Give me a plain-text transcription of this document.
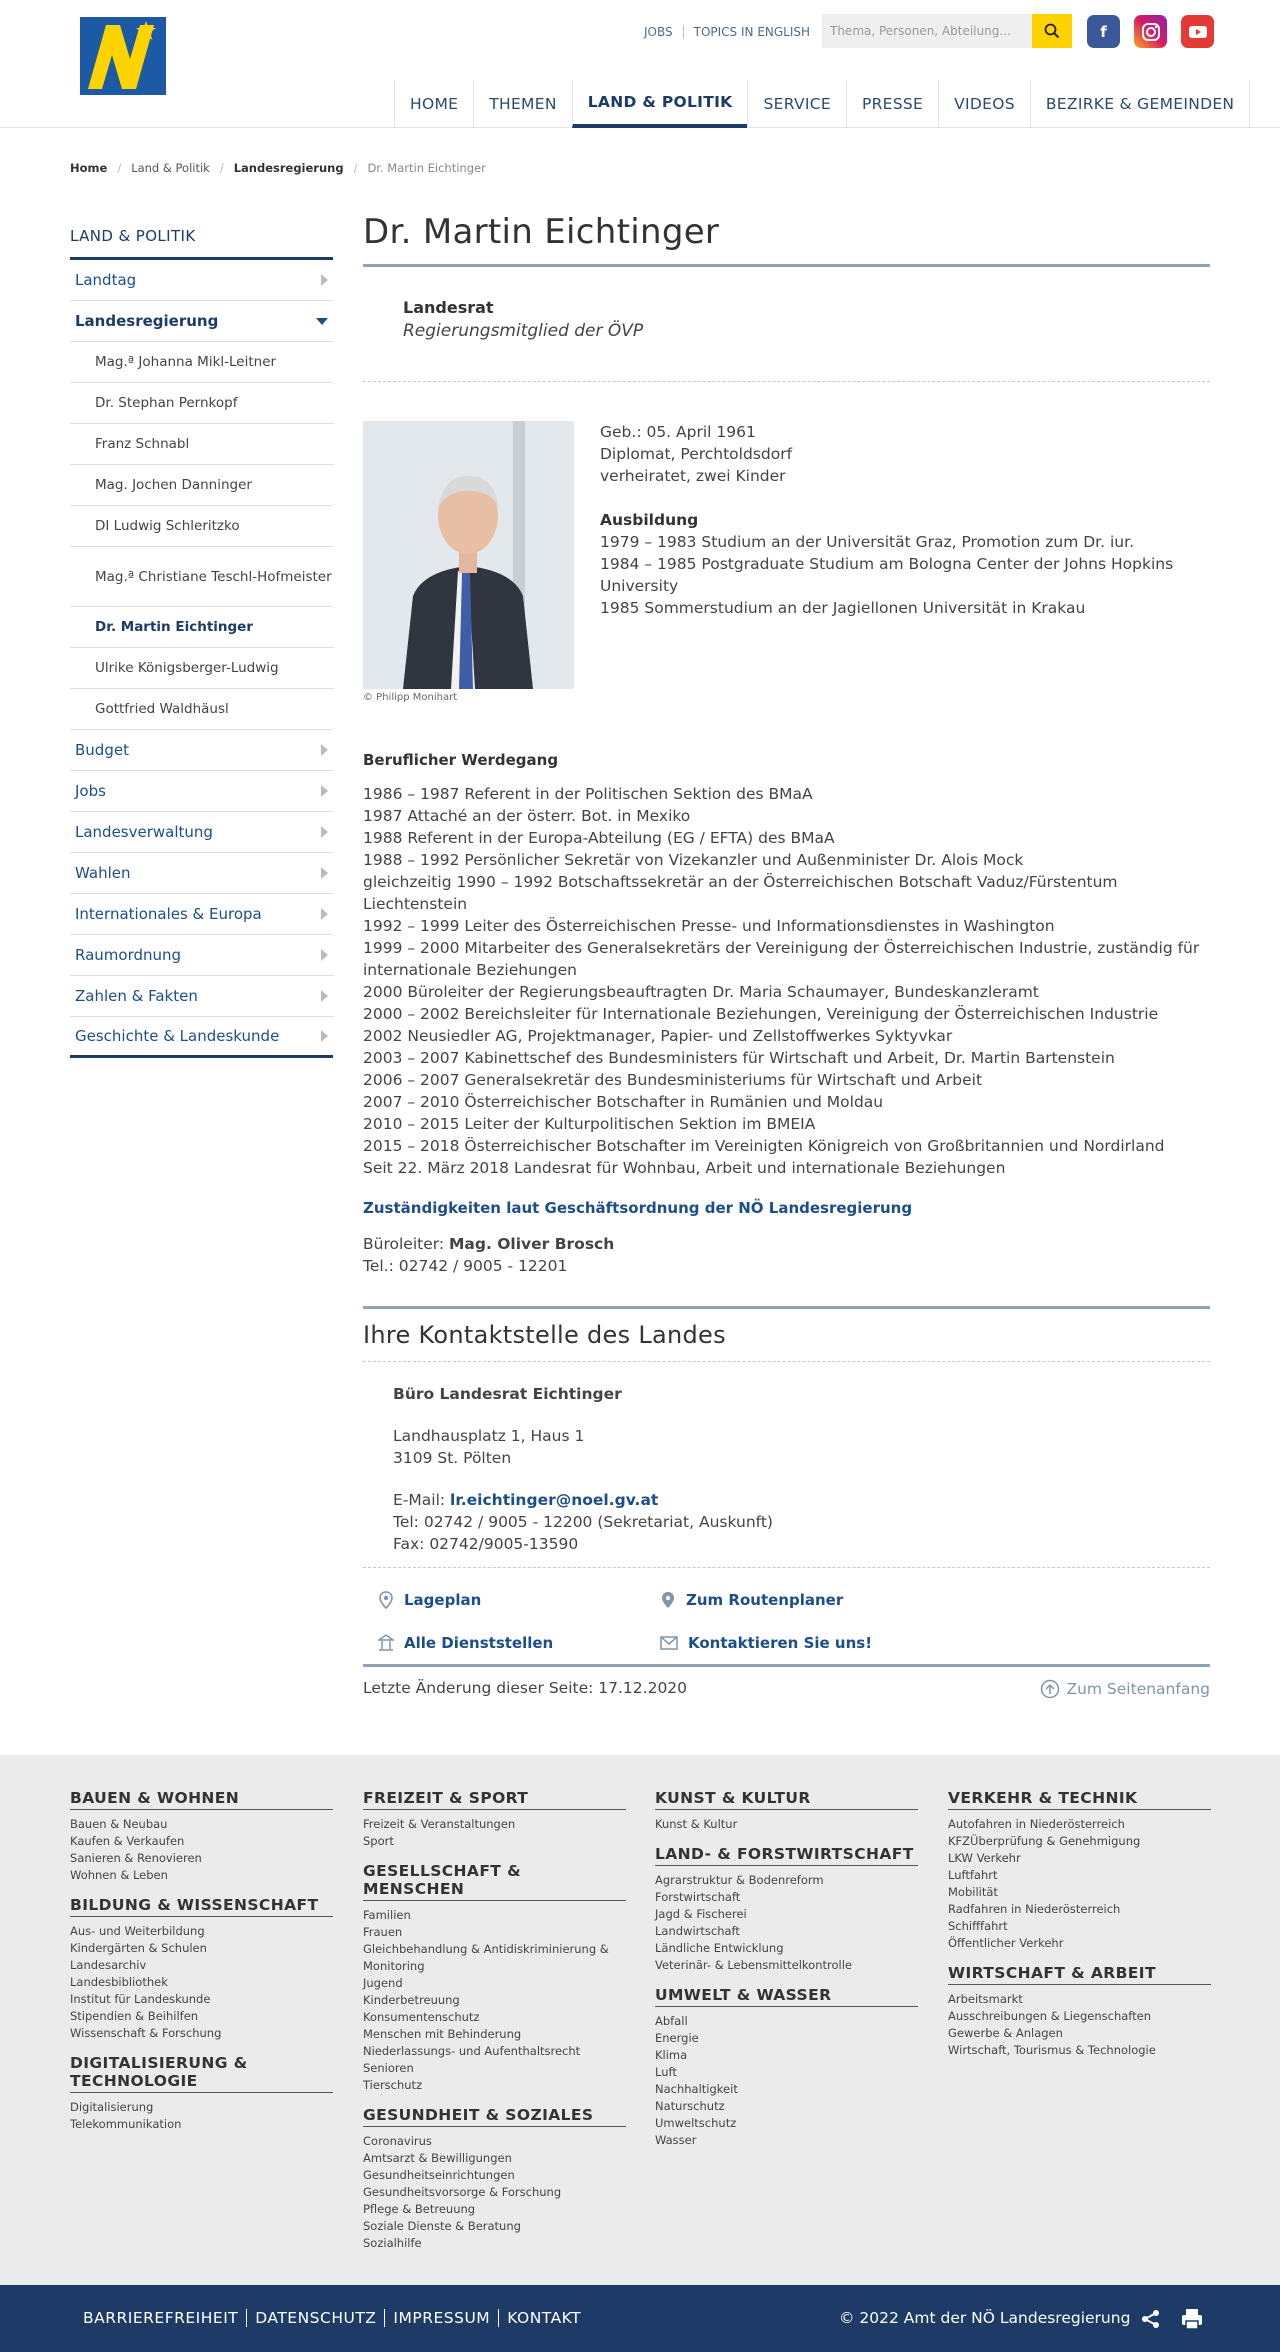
JOBS	TOPICS IN ENGLISH
Thema, Personen, Abteilung...	f
HOME	THEMEN	LAND & POLITIK	SERVICE	PRESSE	VIDEOS	BEZIRKE & GEMEINDEN
Home / Land & Politik / Landesregierung / Dr. Martin Eichtinger
LAND & POLITIK
Landtag
Landesregierung
Mag.ª Johanna Mikl-Leitner
Dr. Stephan Pernkopf
Franz Schnabl
Mag. Jochen Danninger
DI Ludwig Schleritzko
Mag.ª Christiane Teschl-Hofmeister
Dr. Martin Eichtinger
Ulrike Königsberger-Ludwig
Gottfried Waldhäusl
Budget
Jobs
Landesverwaltung
Wahlen
Internationales & Europa
Raumordnung
Zahlen & Fakten
Geschichte & Landeskunde
Dr. Martin Eichtinger
Landesrat
Regierungsmitglied der ÖVP
© Philipp Monihart
Geb.: 05. April 1961
Diplomat, Perchtoldsdorf
verheiratet, zwei Kinder
Ausbildung
1979 – 1983 Studium an der Universität Graz, Promotion zum Dr. iur.
1984 – 1985 Postgraduate Studium am Bologna Center der Johns Hopkins University
1985 Sommerstudium an der Jagiellonen Universität in Krakau
Beruflicher Werdegang
1986 – 1987 Referent in der Politischen Sektion des BMaA
1987 Attaché an der österr. Bot. in Mexiko
1988 Referent in der Europa-Abteilung (EG / EFTA) des BMaA
1988 – 1992 Persönlicher Sekretär von Vizekanzler und Außenminister Dr. Alois Mock
gleichzeitig 1990 – 1992 Botschaftssekretär an der Österreichischen Botschaft Vaduz/Fürstentum Liechtenstein
1992 – 1999 Leiter des Österreichischen Presse- und Informationsdienstes in Washington
1999 – 2000 Mitarbeiter des Generalsekretärs der Vereinigung der Österreichischen Industrie, zuständig für internationale Beziehungen
2000 Büroleiter der Regierungsbeauftragten Dr. Maria Schaumayer, Bundeskanzleramt
2000 – 2002 Bereichsleiter für Internationale Beziehungen, Vereinigung der Österreichischen Industrie
2002 Neusiedler AG, Projektmanager, Papier- und Zellstoffwerkes Syktyvkar
2003 – 2007 Kabinettschef des Bundesministers für Wirtschaft und Arbeit, Dr. Martin Bartenstein
2006 – 2007 Generalsekretär des Bundesministeriums für Wirtschaft und Arbeit
2007 – 2010 Österreichischer Botschafter in Rumänien und Moldau
2010 – 2015 Leiter der Kulturpolitischen Sektion im BMEIA
2015 – 2018 Österreichischer Botschafter im Vereinigten Königreich von Großbritannien und Nordirland
Seit 22. März 2018 Landesrat für Wohnbau, Arbeit und internationale Beziehungen
Zuständigkeiten laut Geschäftsordnung der NÖ Landesregierung
Büroleiter: Mag. Oliver Brosch
Tel.: 02742 / 9005 - 12201
Ihre Kontaktstelle des Landes
Büro Landesrat Eichtinger
Landhausplatz 1, Haus 1
3109 St. Pölten
E-Mail: lr.eichtinger@noel.gv.at
Tel: 02742 / 9005 - 12200 (Sekretariat, Auskunft)
Fax: 02742/9005-13590
Lageplan	Zum Routenplaner
Alle Dienststellen	Kontaktieren Sie uns!
Letzte Änderung dieser Seite: 17.12.2020	Zum Seitenanfang
BAUEN & WOHNEN
Bauen & Neubau
Kaufen & Verkaufen
Sanieren & Renovieren
Wohnen & Leben
BILDUNG & WISSENSCHAFT
Aus- und Weiterbildung
Kindergärten & Schulen
Landesarchiv
Landesbibliothek
Institut für Landeskunde
Stipendien & Beihilfen
Wissenschaft & Forschung
DIGITALISIERUNG & TECHNOLOGIE
Digitalisierung
Telekommunikation
FREIZEIT & SPORT
Freizeit & Veranstaltungen
Sport
GESELLSCHAFT & MENSCHEN
Familien
Frauen
Gleichbehandlung & Antidiskriminierung & Monitoring
Jugend
Kinderbetreuung
Konsumentenschutz
Menschen mit Behinderung
Niederlassungs- und Aufenthaltsrecht
Senioren
Tierschutz
GESUNDHEIT & SOZIALES
Coronavirus
Amtsarzt & Bewilligungen
Gesundheitseinrichtungen
Gesundheitsvorsorge & Forschung
Pflege & Betreuung
Soziale Dienste & Beratung
Sozialhilfe
KUNST & KULTUR
Kunst & Kultur
LAND- & FORSTWIRTSCHAFT
Agrarstruktur & Bodenreform
Forstwirtschaft
Jagd & Fischerei
Landwirtschaft
Ländliche Entwicklung
Veterinär- & Lebensmittelkontrolle
UMWELT & WASSER
Abfall
Energie
Klima
Luft
Nachhaltigkeit
Naturschutz
Umweltschutz
Wasser
VERKEHR & TECHNIK
Autofahren in Niederösterreich
KFZÜberprüfung & Genehmigung
LKW Verkehr
Luftfahrt
Mobilität
Radfahren in Niederösterreich
Schifffahrt
Öffentlicher Verkehr
WIRTSCHAFT & ARBEIT
Arbeitsmarkt
Ausschreibungen & Liegenschaften
Gewerbe & Anlagen
Wirtschaft, Tourismus & Technologie
BARRIEREFREIHEIT	DATENSCHUTZ	IMPRESSUM	KONTAKT	© 2022 Amt der NÖ Landesregierung
